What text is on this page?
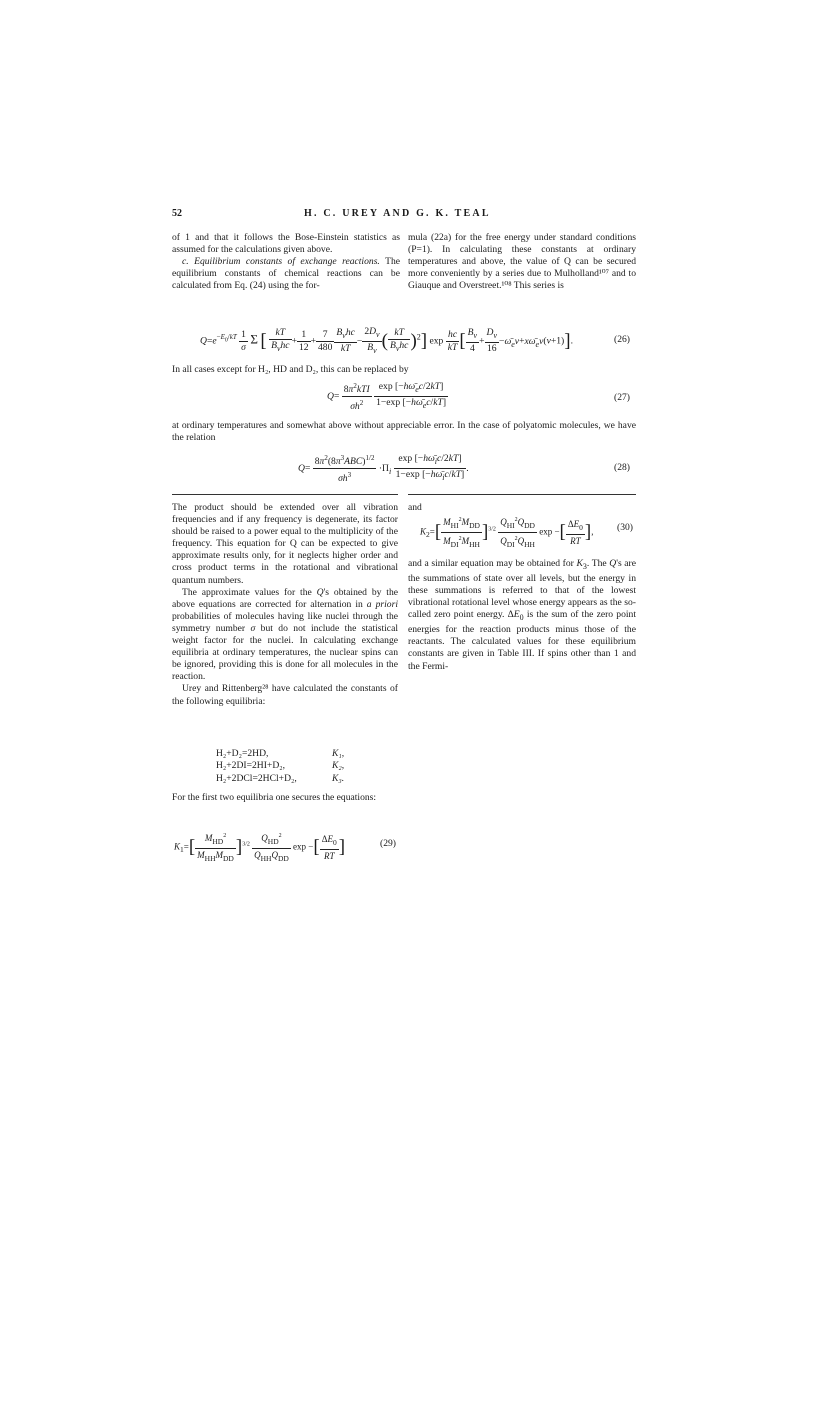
52	H. C. UREY AND G. K. TEAL

of 1 and that it follows the Bose-Einstein statistics as assumed for the calculations given above.

c. Equilibrium constants of exchange reactions. The equilibrium constants of chemical reactions can be calculated from Eq. (24) using the for-

mula (22a) for the free energy under standard conditions (P=1). In calculating these constants at ordinary temperatures and above, the value of Q can be secured more conveniently by a series due to Mulholland¹⁰⁷ and to Giauque and Overstreet.¹⁰⁸ This series is

$Q=e^{-E_0/kT} \frac{1}{\sigma}$ Σ [ $\frac{kT}{B_vhc} + \frac{1}{12} + \frac{7}{480} \frac{B_vhc}{kT} - \frac{2D_v}{B_v}$ ( $\frac{kT}{B_vhc} )^2$] $\exp \frac{hc}{kT}$ [ $\frac{B_v}{4} + \frac{D_v}{16}$ $-\omegā_ev+x\omegā_ev(v+1)$].	(26)
In all cases except for H₂, HD and D₂, this can be replaced by
$Q= \frac{8\pi^2kTI}{\sigma h^2}$
$\frac{\exp [-h\omegā_ec/2kT]}{1-\exp [-h\omegā_ec/kT]}$	(27)
at ordinary temperatures and somewhat above without appreciable error. In the case of polyatomic molecules, we have the relation
$Q= \frac{8\pi^2(8\pi^3ABC)^{1/2}}{\sigma h^3} \cdot\Pi_i \frac{\exp [-h\omegā_ic/2kT]}{1-\exp [-h\omegā_ic/kT]}$ .	(28)

The product should be extended over all vibration frequencies and if any frequency is degenerate, its factor should be raised to a power equal to the multiplicity of the frequency. This equation for Q can be expected to give approximate results only, for it neglects higher order and cross product terms in the rotational and vibrational quantum numbers.

The approximate values for the Q's obtained by the above equations are corrected for alternation in a priori probabilities of molecules having like nuclei through the symmetry number σ but do not include the statistical weight factor for the nuclei. In calculating exchange equilibria at ordinary temperatures, the nuclear spins can be ignored, providing this is done for all molecules in the reaction.

Urey and Rittenberg²⁸ have calculated the constants of the following equilibria:

H₂+D₂=2HD,	K₁,
H₂+2DI=2HI+D₂,	K₂,
H₂+2DCl=2HCl+D₂,	K₃.
For the first two equilibria one secures the equations:
$K_1=[ \frac{M_{HD}^2}{M_{HH}M_{DD}} ]^{3/2} \frac{Q_{HD}^2}{Q_{HH}Q_{DD}}$ exp −[ $\frac{\Delta E_0}{RT}$ ]	(29)
and
$K_2=[ \frac{M_{HI}^2M_{DD}}{M_{DI}^2M_{HH}} ]^{3/2} \frac{Q_{HI}^2Q_{DD}}{Q_{DI}^2Q_{HH}}$ exp −[ $\frac{\Delta E_0}{RT}$ ], (30)
and a similar equation may be obtained for $K_3$. The Q's are the summations of state over all levels, but the energy in these summations is referred to that of the lowest vibrational rotational level whose energy appears as the so-called zero point energy. $\Delta E_0$ is the sum of the zero point energies for the reaction products minus those of the reactants. The calculated values for these equilibrium constants are given in Table III. If spins other than 1 and the Fermi-
